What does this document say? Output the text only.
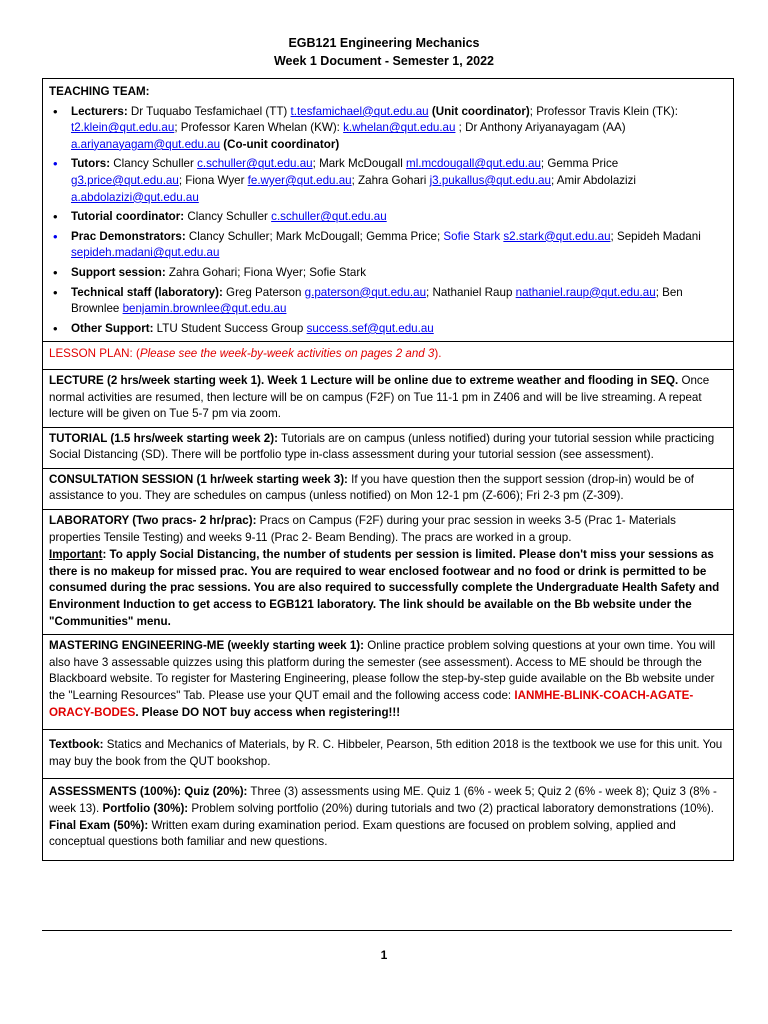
EGB121 Engineering Mechanics
Week 1 Document - Semester 1, 2022

TEACHING TEAM:

• Lecturers: Dr Tuquabo Tesfamichael (TT) t.tesfamichael@qut.edu.au (Unit coordinator); Professor Travis Klein (TK): t2.klein@qut.edu.au; Professor Karen Whelan (KW): k.whelan@qut.edu.au ; Dr Anthony Ariyanayagam (AA) a.ariyanayagam@qut.edu.au (Co-unit coordinator)
• Tutors: Clancy Schuller c.schuller@qut.edu.au; Mark McDougall ml.mcdougall@qut.edu.au; Gemma Price g3.price@qut.edu.au; Fiona Wyer fe.wyer@qut.edu.au; Zahra Gohari j3.pukallus@qut.edu.au; Amir Abdolazizi a.abdolazizi@qut.edu.au
• Tutorial coordinator: Clancy Schuller c.schuller@qut.edu.au
• Prac Demonstrators: Clancy Schuller; Mark McDougall; Gemma Price; Sofie Stark s2.stark@qut.edu.au; Sepideh Madani sepideh.madani@qut.edu.au
• Support session: Zahra Gohari; Fiona Wyer; Sofie Stark
• Technical staff (laboratory): Greg Paterson g.paterson@qut.edu.au; Nathaniel Raup nathaniel.raup@qut.edu.au; Ben Brownlee benjamin.brownlee@qut.edu.au
• Other Support: LTU Student Success Group success.sef@qut.edu.au
LESSON PLAN: (Please see the week-by-week activities on pages 2 and 3).
LECTURE (2 hrs/week starting week 1). Week 1 Lecture will be online due to extreme weather and flooding in SEQ. Once normal activities are resumed, then lecture will be on campus (F2F) on Tue 11-1 pm in Z406 and will be live streaming. A repeat lecture will be given on Tue 5-7 pm via zoom.
TUTORIAL (1.5 hrs/week starting week 2): Tutorials are on campus (unless notified) during your tutorial session while practicing Social Distancing (SD). There will be portfolio type in-class assessment during your tutorial session (see assessment).
CONSULTATION SESSION (1 hr/week starting week 3): If you have question then the support session (drop-in) would be of assistance to you. They are schedules on campus (unless notified) on Mon 12-1 pm (Z-606); Fri 2-3 pm (Z-309).

LABORATORY (Two pracs- 2 hr/prac): Pracs on Campus (F2F) during your prac session in weeks 3-5 (Prac 1- Materials properties Tensile Testing) and weeks 9-11 (Prac 2- Beam Bending). The pracs are worked in a group.

Important: To apply Social Distancing, the number of students per session is limited. Please don't miss your sessions as there is no makeup for missed prac. You are required to wear enclosed footwear and no food or drink is permitted to be consumed during the prac sessions. You are also required to successfully complete the Undergraduate Health Safety and Environment Induction to get access to EGB121 laboratory. The link should be available on the Bb website under the "Communities" menu.

MASTERING ENGINEERING-ME (weekly starting week 1): Online practice problem solving questions at your own time. You will also have 3 assessable quizzes using this platform during the semester (see assessment). Access to ME should be through the Blackboard website. To register for Mastering Engineering, please follow the step-by-step guide available on the Bb website under the "Learning Resources" Tab. Please use your QUT email and the following access code: IANMHE-BLINK-COACH-AGATE-ORACY-BODES. Please DO NOT buy access when registering!!!
Textbook: Statics and Mechanics of Materials, by R. C. Hibbeler, Pearson, 5th edition 2018 is the textbook we use for this unit. You may buy the book from the QUT bookshop.
ASSESSMENTS (100%): Quiz (20%): Three (3) assessments using ME. Quiz 1 (6% - week 5; Quiz 2 (6% - week 8); Quiz 3 (8% - week 13). Portfolio (30%): Problem solving portfolio (20%) during tutorials and two (2) practical laboratory demonstrations (10%). Final Exam (50%): Written exam during examination period. Exam questions are focused on problem solving, applied and conceptual questions both familiar and new questions.
1
